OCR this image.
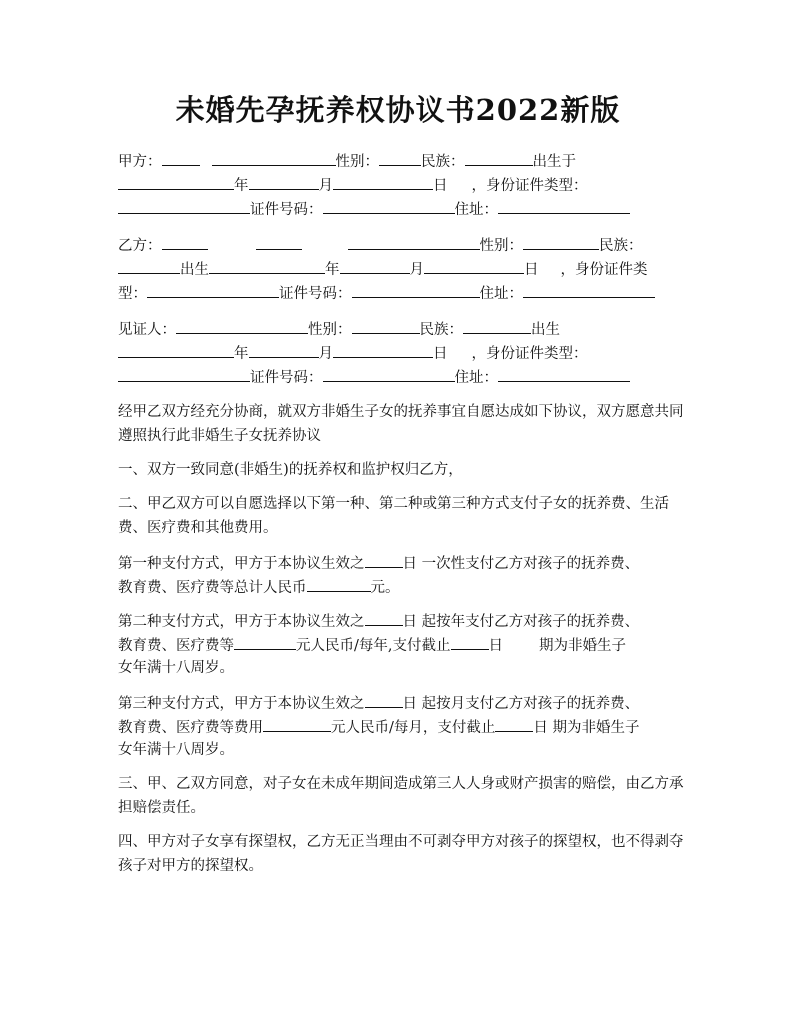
未婚先孕抚养权协议书2022新版
甲方：	性别：	民族：	出生于
年	月	日 ，身份证件类型：
证件号码：	住址：
乙方：	性别：	民族：
出生	年	月	日 ，身份证件类
型：	证件号码：	住址：
见证人：	性别：	民族：	出生
年	月	日 ，身份证件类型：
证件号码：	住址：

经甲乙双方经充分协商，就双方非婚生子女的抚养事宜自愿达成如下协议，双方愿意共同遵照执行此非婚生子女抚养协议

一、双方一致同意(非婚生)的抚养权和监护权归乙方，

二、甲乙双方可以自愿选择以下第一种、第二种或第三种方式支付子女的抚养费、生活费、医疗费和其他费用。

第一种支付方式，甲方于本协议生效之	日 一次性支付乙方对孩子的抚养费、
教育费、医疗费等总计人民币	元。
第二种支付方式，甲方于本协议生效之	日 起按年支付乙方对孩子的抚养费、
教育费、医疗费等	元人民币/每年,支付截止	日 期为非婚生子
女年满十八周岁。
第三种支付方式，甲方于本协议生效之	日 起按月支付乙方对孩子的抚养费、
教育费、医疗费等费用	元人民币/每月，支付截止	日 期为非婚生子
女年满十八周岁。

三、甲、乙双方同意，对子女在未成年期间造成第三人人身或财产损害的赔偿，由乙方承担赔偿责任。

四、甲方对子女享有探望权，乙方无正当理由不可剥夺甲方对孩子的探望权，也不得剥夺孩子对甲方的探望权。
